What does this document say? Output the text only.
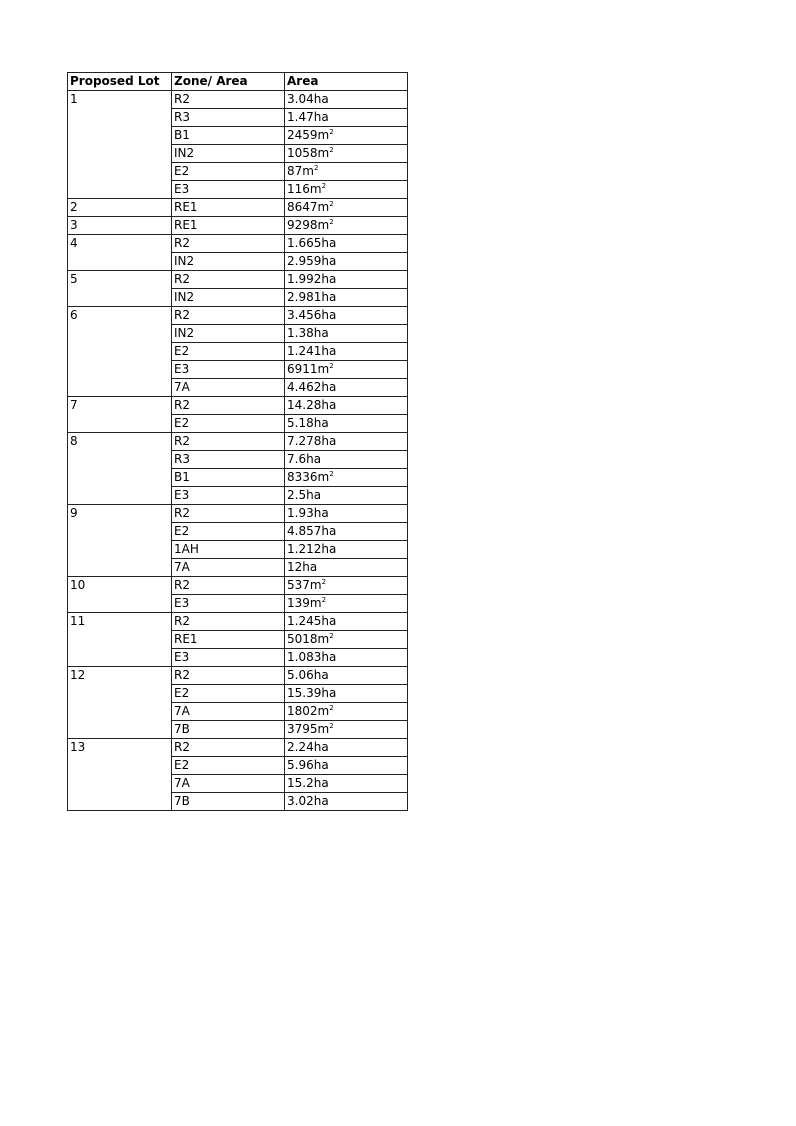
Proposed Lot	Zone/ Area	Area
1	R2	3.04ha
	R3	1.47ha
	B1	$2459m^2$
	IN2	$1058m^2$
	E2	$87m^2$
	E3	$116m^2$
2	RE1	$8647m^2$
3	RE1	$9298m^2$
4	R2	1.665ha
	IN2	2.959ha
5	R2	1.992ha
	IN2	2.981ha
6	R2	3.456ha
	IN2	1.38ha
	E2	1.241ha
	E3	$6911m^2$
	7A	4.462ha
7	R2	14.28ha
	E2	5.18ha
8	R2	7.278ha
	R3	7.6ha
	B1	$8336m^2$
	E3	2.5ha
9	R2	1.93ha
	E2	4.857ha
	1AH	1.212ha
	7A	12ha
10	R2	$537m^2$
	E3	$139m^2$
11	R2	1.245ha
	RE1	$5018m^2$
	E3	1.083ha
12	R2	5.06ha
	E2	15.39ha
	7A	$1802m^2$
	7B	$3795m^2$
13	R2	2.24ha
	E2	5.96ha
	7A	15.2ha
	7B	3.02ha
